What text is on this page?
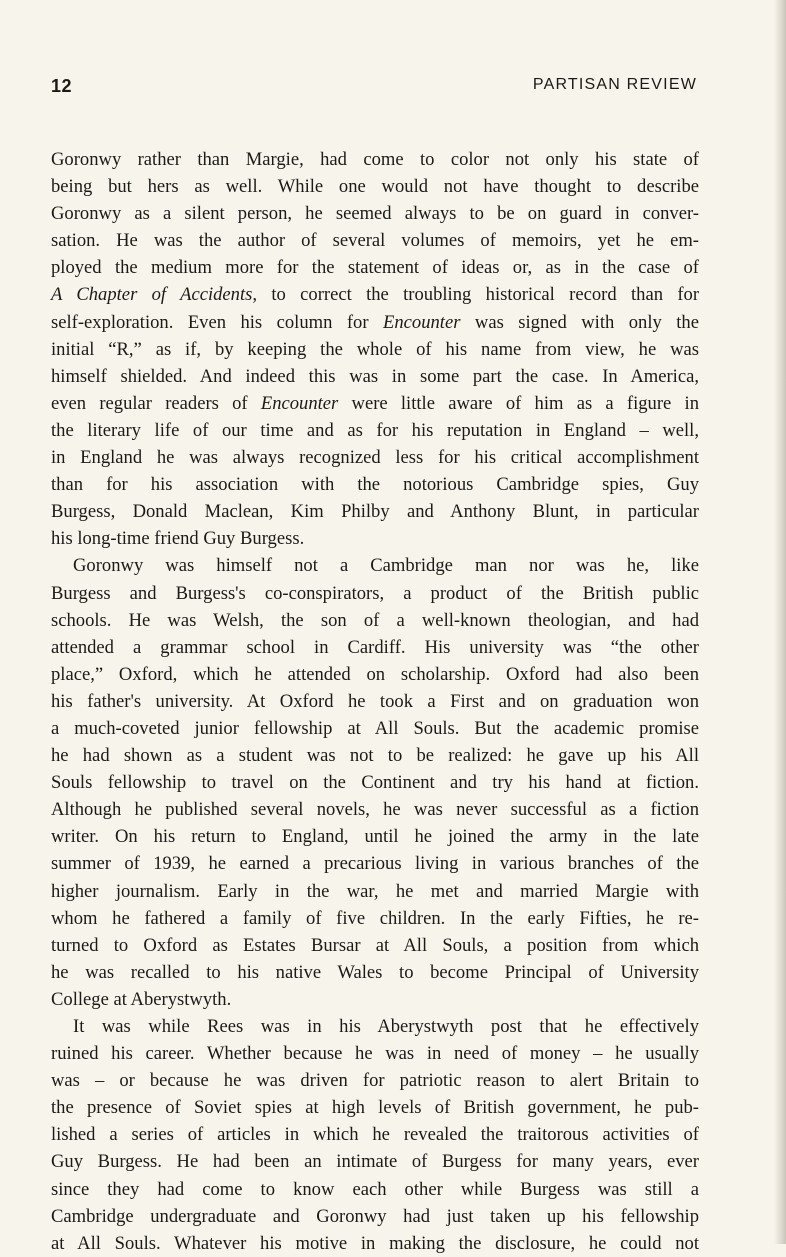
12	PARTISAN REVIEW
Goronwy rather than Margie, had come to color not only his state of
being but hers as well. While one would not have thought to describe
Goronwy as a silent person, he seemed always to be on guard in conver-
sation. He was the author of several volumes of memoirs, yet he em-
ployed the medium more for the statement of ideas or, as in the case of
A Chapter of Accidents, to correct the troubling historical record than for
self-exploration. Even his column for Encounter was signed with only the
initial “R,” as if, by keeping the whole of his name from view, he was
himself shielded. And indeed this was in some part the case. In America,
even regular readers of Encounter were little aware of him as a figure in
the literary life of our time and as for his reputation in England – well,
in England he was always recognized less for his critical accomplishment
than for his association with the notorious Cambridge spies, Guy
Burgess, Donald Maclean, Kim Philby and Anthony Blunt, in particular
his long-time friend Guy Burgess.
Goronwy was himself not a Cambridge man nor was he, like
Burgess and Burgess's co-conspirators, a product of the British public
schools. He was Welsh, the son of a well-known theologian, and had
attended a grammar school in Cardiff. His university was “the other
place,” Oxford, which he attended on scholarship. Oxford had also been
his father's university. At Oxford he took a First and on graduation won
a much-coveted junior fellowship at All Souls. But the academic promise
he had shown as a student was not to be realized: he gave up his All
Souls fellowship to travel on the Continent and try his hand at fiction.
Although he published several novels, he was never successful as a fiction
writer. On his return to England, until he joined the army in the late
summer of 1939, he earned a precarious living in various branches of the
higher journalism. Early in the war, he met and married Margie with
whom he fathered a family of five children. In the early Fifties, he re-
turned to Oxford as Estates Bursar at All Souls, a position from which
he was recalled to his native Wales to become Principal of University
College at Aberystwyth.
It was while Rees was in his Aberystwyth post that he effectively
ruined his career. Whether because he was in need of money – he usually
was – or because he was driven for patriotic reason to alert Britain to
the presence of Soviet spies at high levels of British government, he pub-
lished a series of articles in which he revealed the traitorous activities of
Guy Burgess. He had been an intimate of Burgess for many years, ever
since they had come to know each other while Burgess was still a
Cambridge undergraduate and Goronwy had just taken up his fellowship
at All Souls. Whatever his motive in making the disclosure, he could not
